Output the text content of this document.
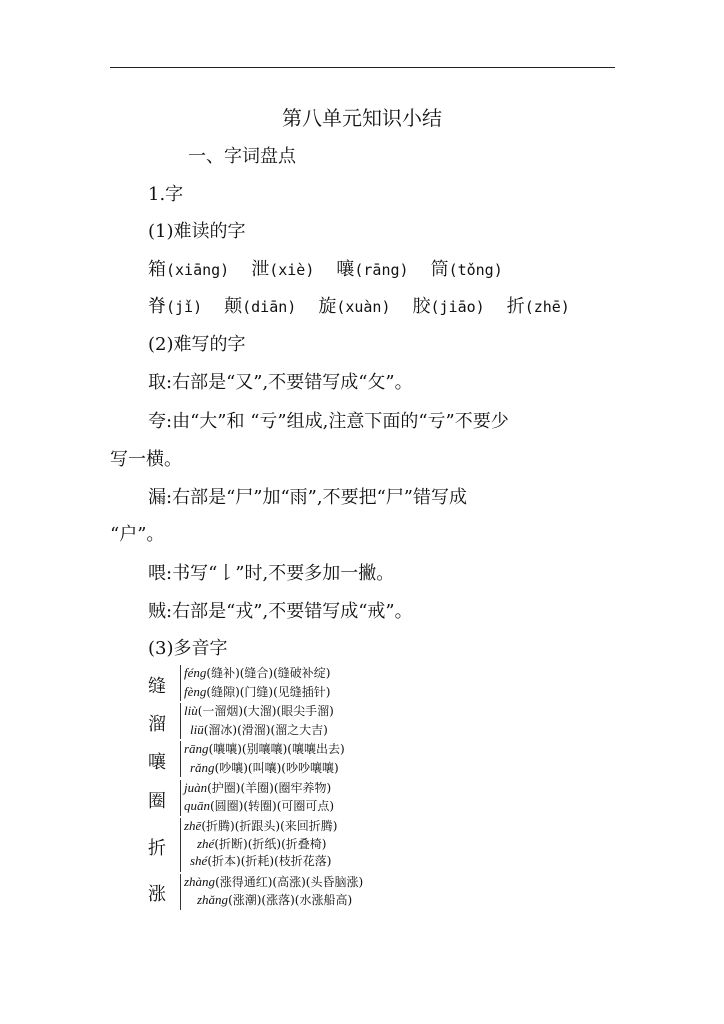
第八单元知识小结
一、字词盘点
1.字
(1)难读的字
箱(xiāng) 泄(xiè) 嚷(rāng) 筒(tǒng)
脊(jǐ) 颠(diān) 旋(xuàn) 胶(jiāo) 折(zhē)
(2)难写的字
取:右部是“又”,不要错写成“攵”。
夸:由“大”和 “亏”组成,注意下面的“亏”不要少
写一横。
漏:右部是“尸”加“雨”,不要把“尸”错写成
“户”。
喂:书写“𠄌”时,不要多加一撇。
贼:右部是“戎”,不要错写成“戒”。
(3)多音字
缝
féng(缝补)(缝合)(缝破补绽)
fèng(缝隙)(门缝)(见缝插针)
溜
liù(一溜烟)(大溜)(眼尖手溜)
liū(溜冰)(滑溜)(溜之大吉)
嚷
rāng(嚷嚷)(别嚷嚷)(嚷嚷出去)
rǎng(吵嚷)(叫嚷)(吵吵嚷嚷)
圈
juàn(护圈)(羊圈)(圈牢养物)
quān(圆圈)(转圈)(可圈可点)
折
zhē(折腾)(折跟头)(来回折腾)
zhé(折断)(折纸)(折叠椅)
shé(折本)(折耗)(枝折花落)
涨
zhàng(涨得通红)(高涨)(头昏脑涨)
zhǎng(涨潮)(涨落)(水涨船高)
